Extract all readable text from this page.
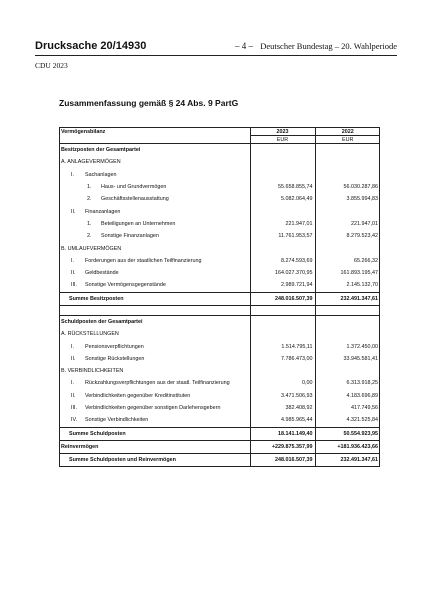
Drucksache 20/14930	– 4 – Deutscher Bundestag – 20. Wahlperiode
CDU 2023
Zusammenfassung gemäß § 24 Abs. 9 PartG
Vermögensbilanz	2023	2022
	EUR	EUR
Besitzposten der Gesamtpartei		
A. ANLAGEVERMÖGEN		
I. Sachanlagen		
1. Haus- und Grundvermögen	55.658.855,74	56.030.287,86
2. Geschäftsstellenausstattung	5.082.064,49	3.855.994,83
II. Finanzanlagen		
1. Beteiligungen an Unternehmen	221.947,01	221.947,01
2. Sonstige Finanzanlagen	11.761.953,57	8.279.523,42
B. UMLAUFVERMÖGEN		
I. Forderungen aus der staatlichen Teilfinanzierung	8.274.593,69	65.266,32
II. Geldbestände	164.027.370,95	161.893.195,47
III. Sonstige Vermögensgegenstände	2.989.721,94	2.145.132,70
Summe Besitzposten	248.016.507,39	232.491.347,61

Schuldposten der Gesamtpartei		
A. RÜCKSTELLUNGEN		
I. Pensionsverpflichtungen	1.514.795,11	1.372.450,00
II. Sonstige Rückstellungen	7.786.473,00	33.945.581,41
B. VERBINDLICHKEITEN		
I. Rückzahlungsverpflichtungen aus der staatl. Teilfinanzierung	0,00	6.313.918,25
II. Verbindlichkeiten gegenüber Kreditinstituten	3.471.506,93	4.183.696,89
III. Verbindlichkeiten gegenüber sonstigen Darlehensgebern	382.408,92	417.749,56
IV. Sonstige Verbindlichkeiten	4.985.965,44	4.321.525,84
Summe Schuldposten	18.141.149,40	50.554.923,95
Reinvermögen	+229.875.357,99	+181.936.423,66
Summe Schuldposten und Reinvermögen	248.016.507,39	232.491.347,61
